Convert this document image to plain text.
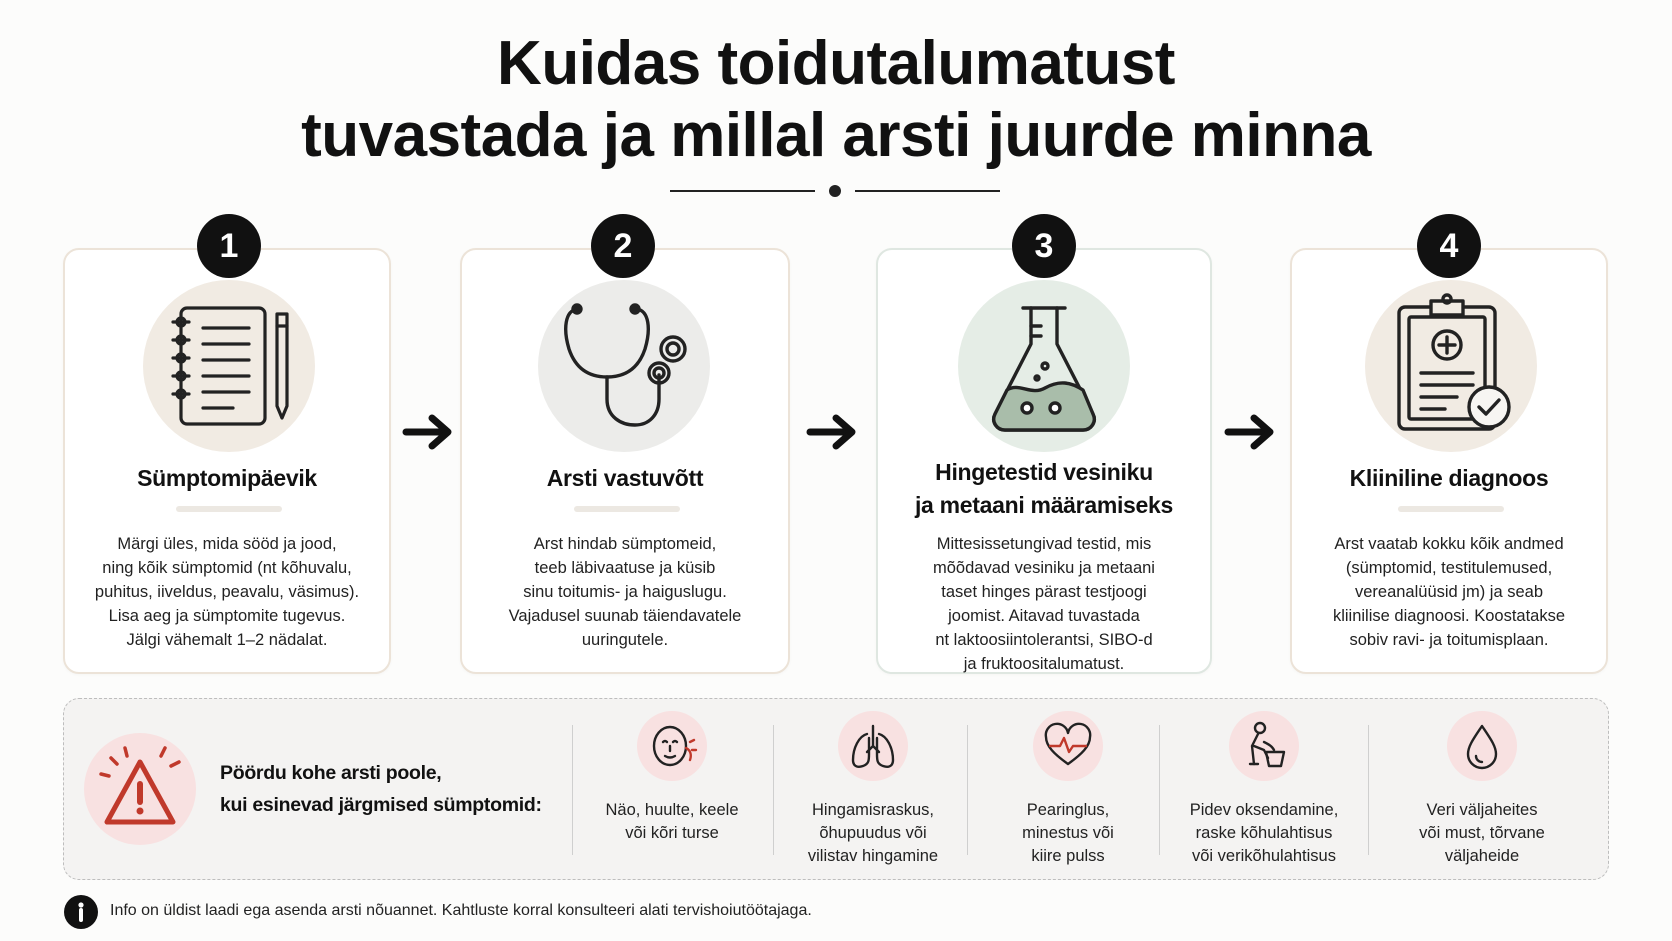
Kuidas toidutalumatust
tuvastada ja millal arsti juurde minna
1
Sümptomipäevik
Märgi üles, mida sööd ja jood,
ning kõik sümptomid (nt kõhuvalu,
puhitus, iiveldus, peavalu, väsimus).
Lisa aeg ja sümptomite tugevus.
Jälgi vähemalt 1–2 nädalat.
2
Arsti vastuvõtt
Arst hindab sümptomeid,
teeb läbivaatuse ja küsib
sinu toitumis- ja haiguslugu.
Vajadusel suunab täiendavatele
uuringutele.
3
Hingetestid vesiniku
ja metaani määramiseks
Mittesissetungivad testid, mis
mõõdavad vesiniku ja metaani
taset hinges pärast testjoogi
joomist. Aitavad tuvastada
nt laktoosiintolerantsi, SIBO-d
ja fruktoositalumatust.
4
Kliiniline diagnoos
Arst vaatab kokku kõik andmed
(sümptomid, testitulemused,
vereanalüüsid jm) ja seab
kliinilise diagnoosi. Koostatakse
sobiv ravi- ja toitumisplaan.
Pöördu kohe arsti poole,
kui esinevad järgmised sümptomid:	Näo, huulte, keele
või kõri turse
Hingamisraskus,
õhupuudus või
vilistav hingamine
Pearinglus,
minestus või
kiire pulss
Pidev oksendamine,
raske kõhulahtisus
või verikõhulahtisus
Veri väljaheites
või must, tõrvane
väljaheide
Info on üldist laadi ega asenda arsti nõuannet. Kahtluste korral konsulteeri alati tervishoiutöötajaga.
